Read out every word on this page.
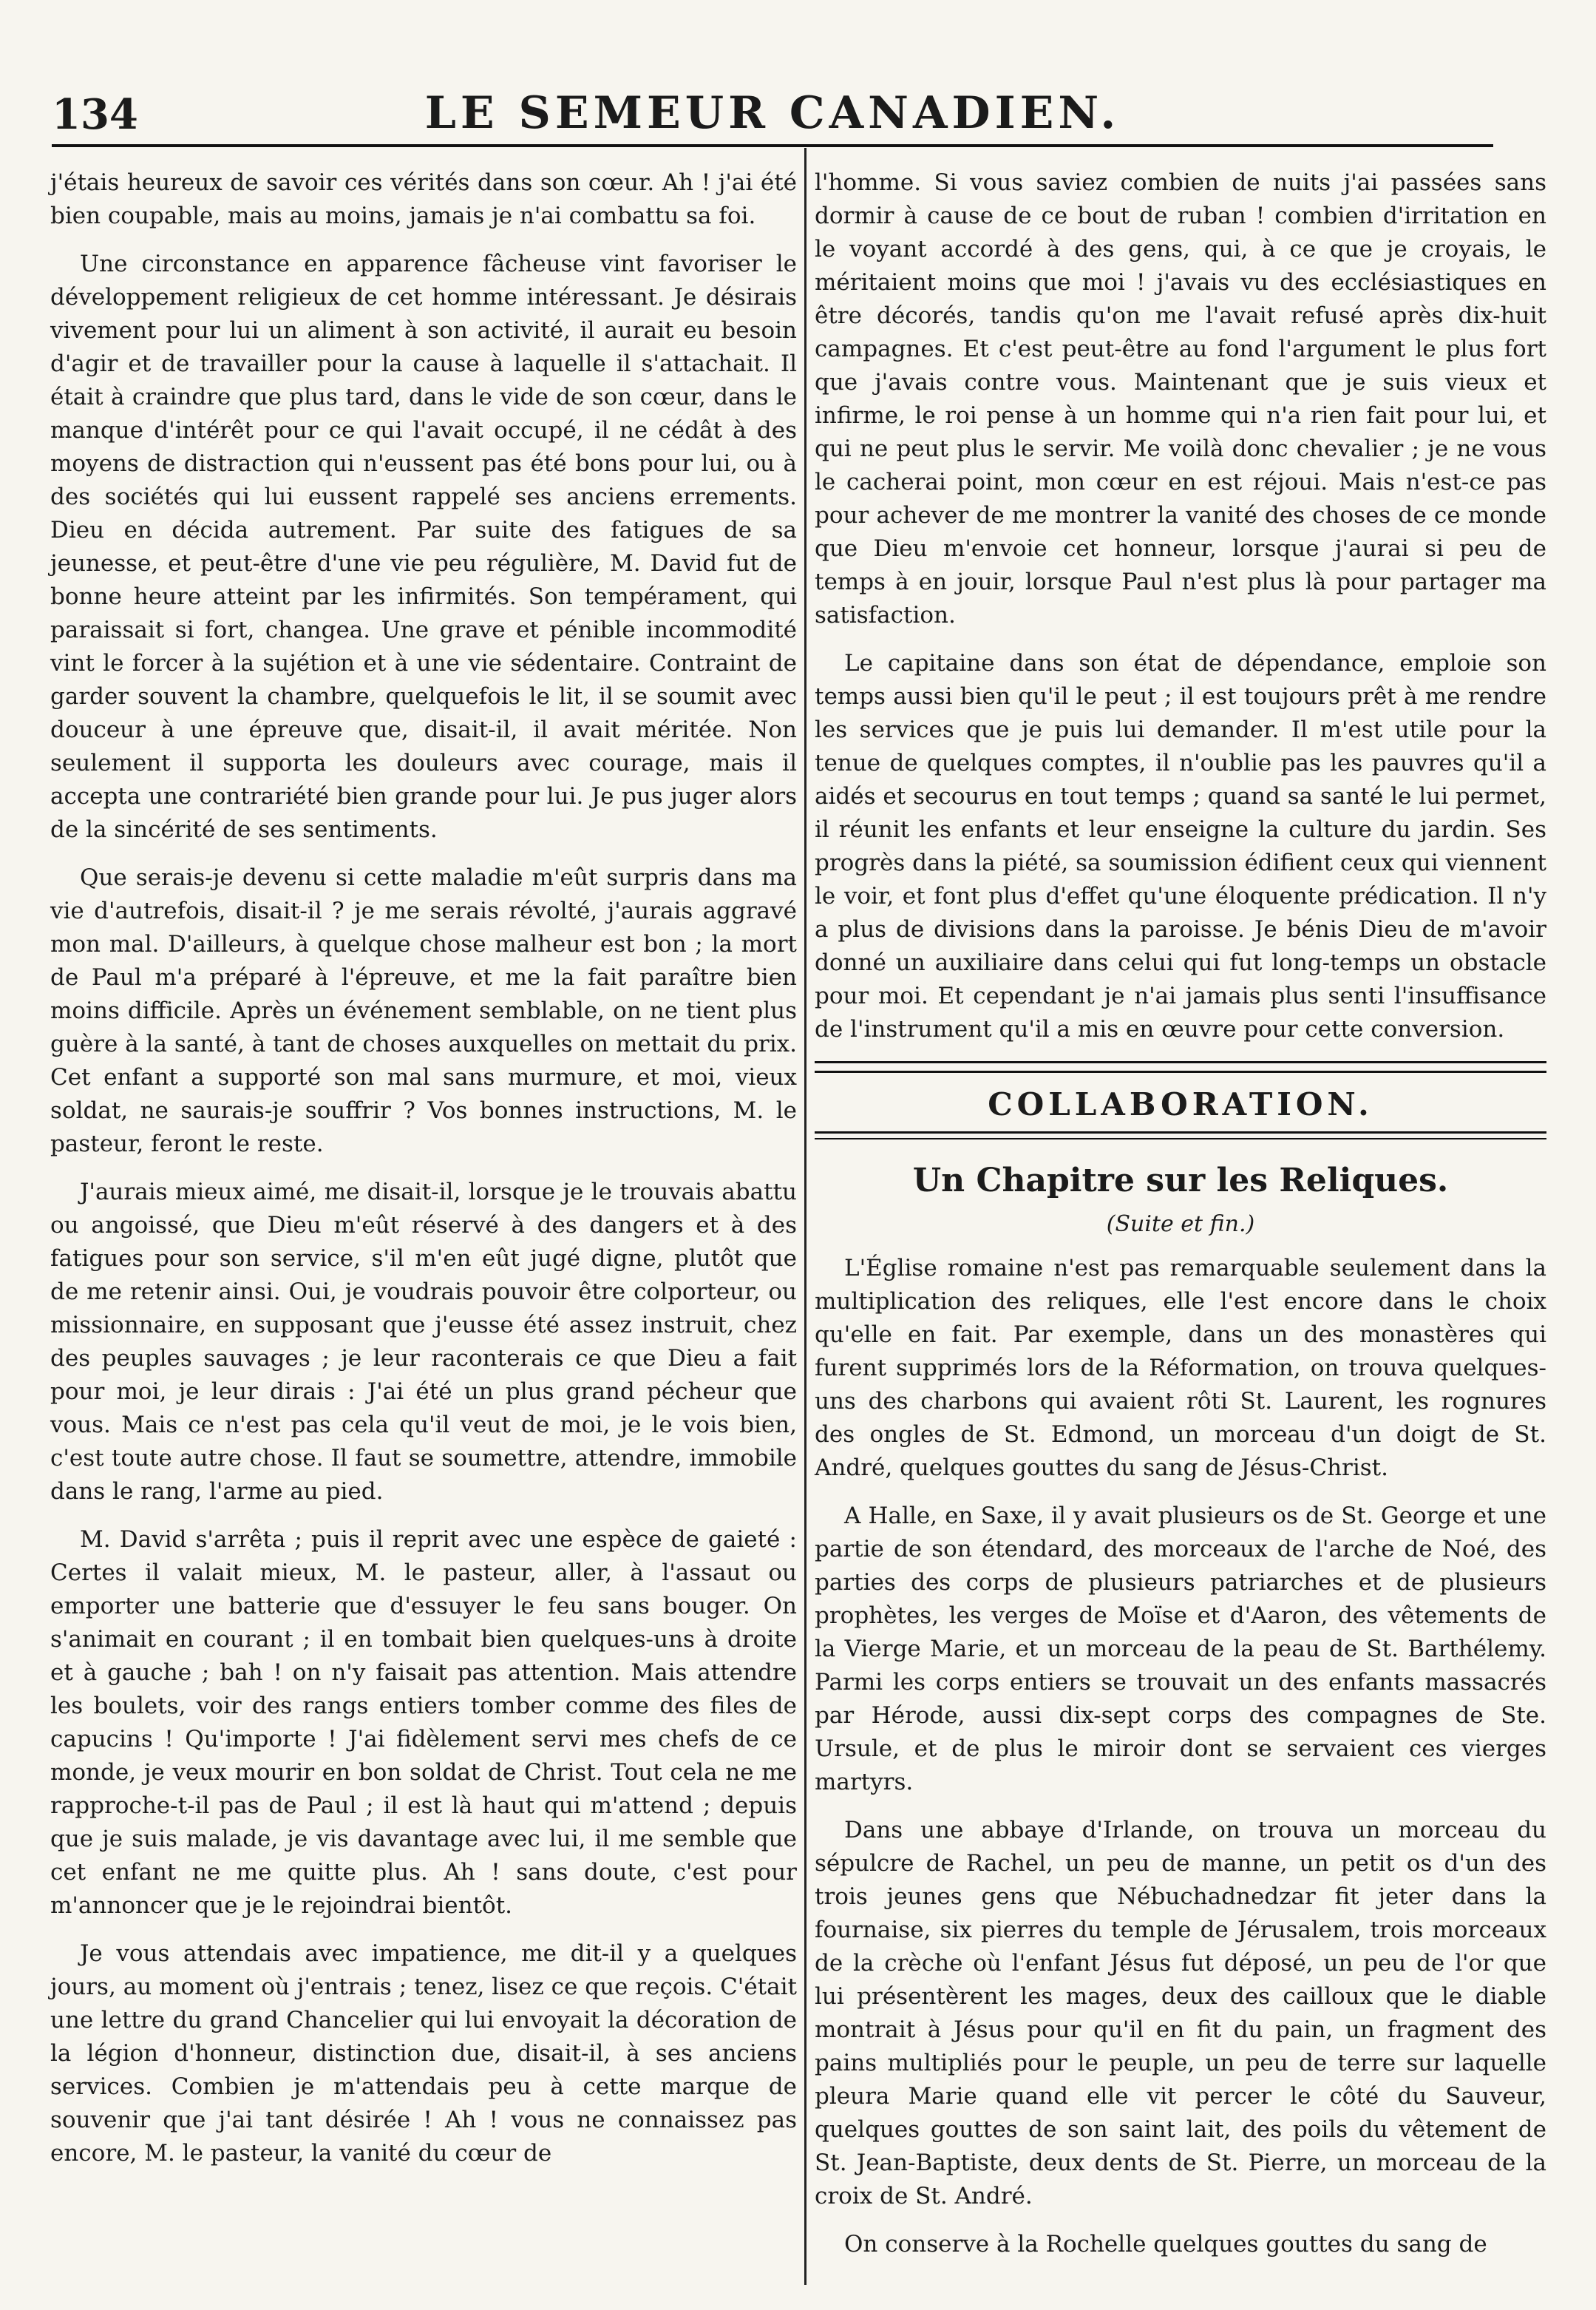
134	LE SEMEUR CANADIEN.

j'étais heureux de savoir ces vérités dans son cœur. Ah ! j'ai été bien coupable, mais au moins, jamais je n'ai combattu sa foi.

Une circonstance en apparence fâcheuse vint favoriser le développement religieux de cet homme intéressant. Je désirais vivement pour lui un aliment à son activité, il aurait eu besoin d'agir et de travailler pour la cause à laquelle il s'attachait. Il était à craindre que plus tard, dans le vide de son cœur, dans le manque d'intérêt pour ce qui l'avait occupé, il ne cédât à des moyens de distraction qui n'eussent pas été bons pour lui, ou à des sociétés qui lui eussent rappelé ses anciens errements. Dieu en décida autrement. Par suite des fatigues de sa jeunesse, et peut-être d'une vie peu régulière, M. David fut de bonne heure atteint par les infirmités. Son tempérament, qui paraissait si fort, changea. Une grave et pénible incommodité vint le forcer à la sujétion et à une vie sédentaire. Contraint de garder souvent la chambre, quelquefois le lit, il se soumit avec douceur à une épreuve que, disait-il, il avait méritée. Non seulement il supporta les douleurs avec courage, mais il accepta une contrariété bien grande pour lui. Je pus juger alors de la sincérité de ses sentiments.

Que serais-je devenu si cette maladie m'eût surpris dans ma vie d'autrefois, disait-il ? je me serais révolté, j'aurais aggravé mon mal. D'ailleurs, à quelque chose malheur est bon ; la mort de Paul m'a préparé à l'épreuve, et me la fait paraître bien moins difficile. Après un événement semblable, on ne tient plus guère à la santé, à tant de choses auxquelles on mettait du prix. Cet enfant a supporté son mal sans murmure, et moi, vieux soldat, ne saurais-je souffrir ? Vos bonnes instructions, M. le pasteur, feront le reste.

J'aurais mieux aimé, me disait-il, lorsque je le trouvais abattu ou angoissé, que Dieu m'eût réservé à des dangers et à des fatigues pour son service, s'il m'en eût jugé digne, plutôt que de me retenir ainsi. Oui, je voudrais pouvoir être colporteur, ou missionnaire, en supposant que j'eusse été assez instruit, chez des peuples sauvages ; je leur raconterais ce que Dieu a fait pour moi, je leur dirais : J'ai été un plus grand pécheur que vous. Mais ce n'est pas cela qu'il veut de moi, je le vois bien, c'est toute autre chose. Il faut se soumettre, attendre, immobile dans le rang, l'arme au pied.

M. David s'arrêta ; puis il reprit avec une espèce de gaieté : Certes il valait mieux, M. le pasteur, aller, à l'assaut ou emporter une batterie que d'essuyer le feu sans bouger. On s'animait en courant ; il en tombait bien quelques-uns à droite et à gauche ; bah ! on n'y faisait pas attention. Mais attendre les boulets, voir des rangs entiers tomber comme des files de capucins ! Qu'importe ! J'ai fidèlement servi mes chefs de ce monde, je veux mourir en bon soldat de Christ. Tout cela ne me rapproche-t-il pas de Paul ; il est là haut qui m'attend ; depuis que je suis malade, je vis davantage avec lui, il me semble que cet enfant ne me quitte plus. Ah ! sans doute, c'est pour m'annoncer que je le rejoindrai bientôt.

Je vous attendais avec impatience, me dit-il y a quelques jours, au moment où j'entrais ; tenez, lisez ce que reçois. C'était une lettre du grand Chancelier qui lui envoyait la décoration de la légion d'honneur, distinction due, disait-il, à ses anciens services. Combien je m'attendais peu à cette marque de souvenir que j'ai tant désirée ! Ah ! vous ne connaissez pas encore, M. le pasteur, la vanité du cœur de

l'homme. Si vous saviez combien de nuits j'ai passées sans dormir à cause de ce bout de ruban ! combien d'irritation en le voyant accordé à des gens, qui, à ce que je croyais, le méritaient moins que moi ! j'avais vu des ecclésiastiques en être décorés, tandis qu'on me l'avait refusé après dix-huit campagnes. Et c'est peut-être au fond l'argument le plus fort que j'avais contre vous. Maintenant que je suis vieux et infirme, le roi pense à un homme qui n'a rien fait pour lui, et qui ne peut plus le servir. Me voilà donc chevalier ; je ne vous le cacherai point, mon cœur en est réjoui. Mais n'est-ce pas pour achever de me montrer la vanité des choses de ce monde que Dieu m'envoie cet honneur, lorsque j'aurai si peu de temps à en jouir, lorsque Paul n'est plus là pour partager ma satisfaction.

Le capitaine dans son état de dépendance, emploie son temps aussi bien qu'il le peut ; il est toujours prêt à me rendre les services que je puis lui demander. Il m'est utile pour la tenue de quelques comptes, il n'oublie pas les pauvres qu'il a aidés et secourus en tout temps ; quand sa santé le lui permet, il réunit les enfants et leur enseigne la culture du jardin. Ses progrès dans la piété, sa soumission édifient ceux qui viennent le voir, et font plus d'effet qu'une éloquente prédication. Il n'y a plus de divisions dans la paroisse. Je bénis Dieu de m'avoir donné un auxiliaire dans celui qui fut long-temps un obstacle pour moi. Et cependant je n'ai jamais plus senti l'insuffisance de l'instrument qu'il a mis en œuvre pour cette conversion.

COLLABORATION.
Un Chapitre sur les Reliques.
(Suite et fin.)

L'Église romaine n'est pas remarquable seulement dans la multiplication des reliques, elle l'est encore dans le choix qu'elle en fait. Par exemple, dans un des monastères qui furent supprimés lors de la Réformation, on trouva quelques-uns des charbons qui avaient rôti St. Laurent, les rognures des ongles de St. Edmond, un morceau d'un doigt de St. André, quelques gouttes du sang de Jésus-Christ.

A Halle, en Saxe, il y avait plusieurs os de St. George et une partie de son étendard, des morceaux de l'arche de Noé, des parties des corps de plusieurs patriarches et de plusieurs prophètes, les verges de Moïse et d'Aaron, des vêtements de la Vierge Marie, et un morceau de la peau de St. Barthélemy. Parmi les corps entiers se trouvait un des enfants massacrés par Hérode, aussi dix-sept corps des compagnes de Ste. Ursule, et de plus le miroir dont se servaient ces vierges martyrs.

Dans une abbaye d'Irlande, on trouva un morceau du sépulcre de Rachel, un peu de manne, un petit os d'un des trois jeunes gens que Nébuchadnedzar fit jeter dans la fournaise, six pierres du temple de Jérusalem, trois morceaux de la crèche où l'enfant Jésus fut déposé, un peu de l'or que lui présentèrent les mages, deux des cailloux que le diable montrait à Jésus pour qu'il en fit du pain, un fragment des pains multipliés pour le peuple, un peu de terre sur laquelle pleura Marie quand elle vit percer le côté du Sauveur, quelques gouttes de son saint lait, des poils du vêtement de St. Jean-Baptiste, deux dents de St. Pierre, un morceau de la croix de St. André.

On conserve à la Rochelle quelques gouttes du sang de
